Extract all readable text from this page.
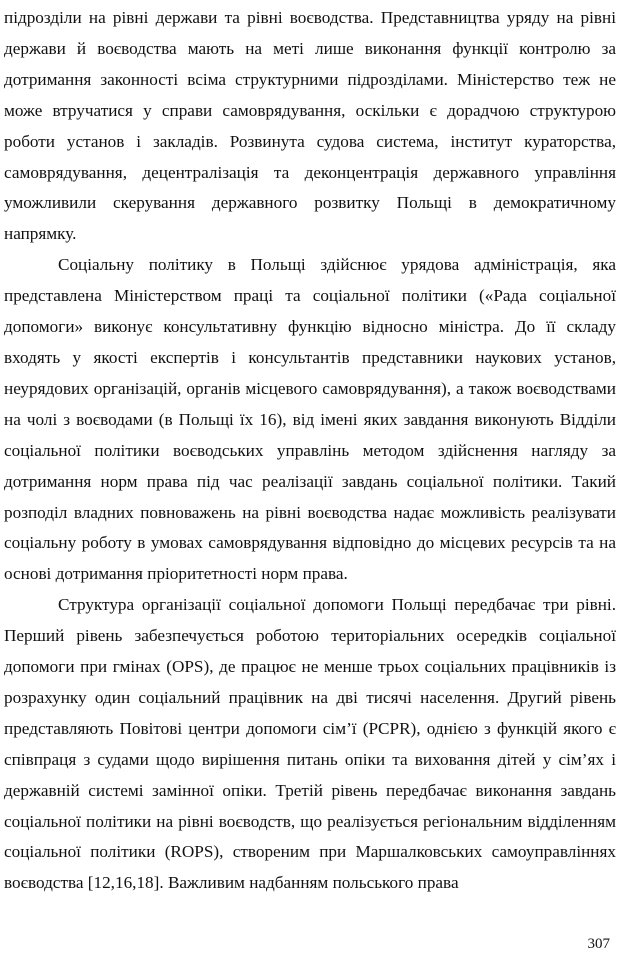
підрозділи на рівні держави та рівні воєводства. Представництва уряду на рівні держави й воєводства мають на меті лише виконання функції контролю за дотримання законності всіма структурними підрозділами. Міністерство теж не може втручатися у справи самоврядування, оскільки є дорадчою структурою роботи установ і закладів. Розвинута судова система, інститут кураторства, самоврядування, децентралізація та деконцентрація державного управління уможливили скерування державного розвитку Польщі в демократичному напрямку.

Соціальну політику в Польщі здійснює урядова адміністрація, яка представлена Міністерством праці та соціальної політики («Рада соціальної допомоги» виконує консультативну функцію відносно міністра. До її складу входять у якості експертів і консультантів представники наукових установ, неурядових організацій, органів місцевого самоврядування), а також воєводствами на чолі з воєводами (в Польщі їх 16), від імені яких завдання виконують Відділи соціальної політики воєводських управлінь методом здійснення нагляду за дотримання норм права під час реалізації завдань соціальної політики. Такий розподіл владних повноважень на рівні воєводства надає можливість реалізувати соціальну роботу в умовах самоврядування відповідно до місцевих ресурсів та на основі дотримання пріоритетності норм права.

Структура організації соціальної допомоги Польщі передбачає три рівні. Перший рівень забезпечується роботою територіальних осередків соціальної допомоги при гмінах (OPS), де працює не менше трьох соціальних працівників із розрахунку один соціальний працівник на дві тисячі населення. Другий рівень представляють Повітові центри допомоги сім’ї (PCPR), однією з функцій якого є співпраця з судами щодо вирішення питань опіки та виховання дітей у сім’ях і державній системі замінної опіки. Третій рівень передбачає виконання завдань соціальної політики на рівні воєводств, що реалізується регіональним відділенням соціальної політики (ROPS), створеним при Маршалковських самоуправліннях воєводства [12,16,18]. Важливим надбанням польського права

307
